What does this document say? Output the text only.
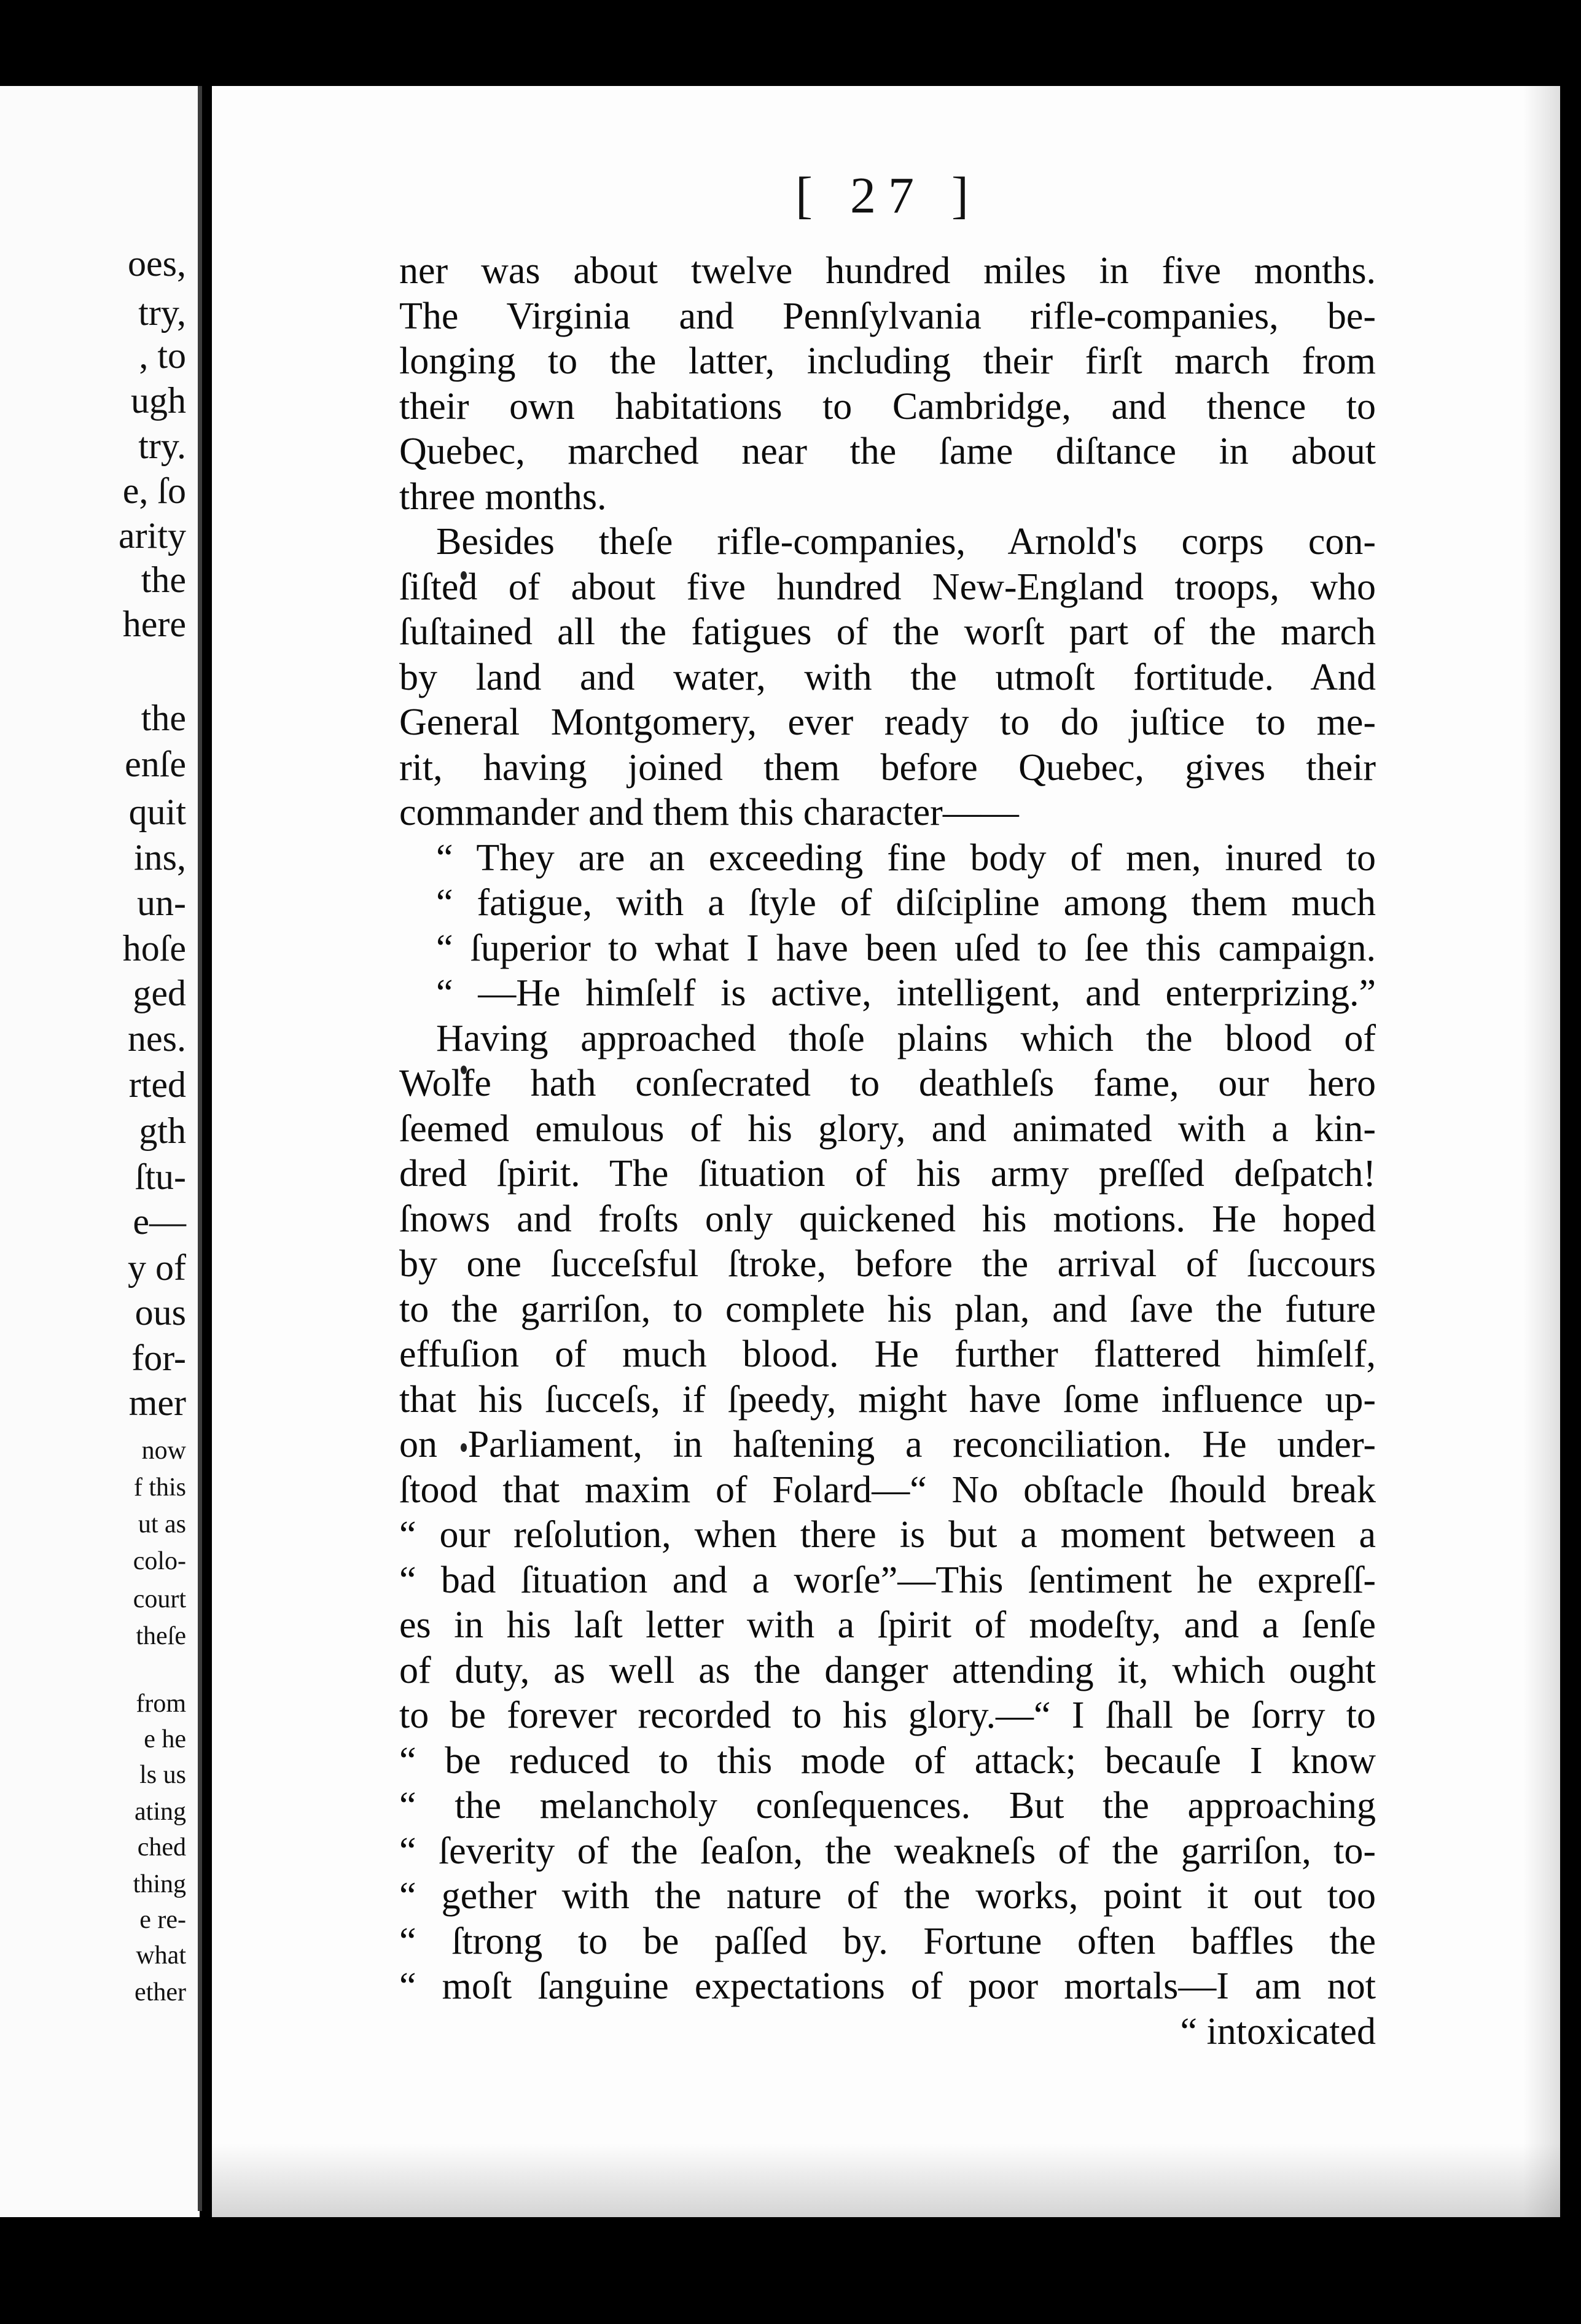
oes,
try,
, to
ugh
try.
e, ſo
arity
the
here
the
enſe
quit
ins,
un-
hoſe
ged
nes.
rted
gth
ſtu-
e—
y of
ous
for-
mer
now
f this
ut as
colo-
court
theſe
from
e he
ls us
ating
ched
thing
e re-
what
ether
[ 27 ]
ner was about twelve hundred miles in five months.
The Virginia and Pennſylvania rifle-companies, be-
longing to the latter, including their firſt march from
their own habitations to Cambridge, and thence to
Quebec, marched near the ſame diſtance in about
three months.
Besides theſe rifle-companies, Arnold's corps con-
ſiſted of about five hundred New-England troops, who
ſuſtained all the fatigues of the worſt part of the march
by land and water, with the utmoſt fortitude. And
General Montgomery, ever ready to do juſtice to me-
rit, having joined them before Quebec, gives their
commander and them this character——
“ They are an exceeding fine body of men, inured to
“ fatigue, with a ſtyle of diſcipline among them much
“ ſuperior to what I have been uſed to ſee this campaign.
“ —He himſelf is active, intelligent, and enterprizing.”
Having approached thoſe plains which the blood of
Wolfe hath conſecrated to deathleſs fame, our hero
ſeemed emulous of his glory, and animated with a kin-
dred ſpirit. The ſituation of his army preſſed deſpatch!
ſnows and froſts only quickened his motions. He hoped
by one ſucceſsful ſtroke, before the arrival of ſuccours
to the garriſon, to complete his plan, and ſave the future
effuſion of much blood. He further flattered himſelf,
that his ſucceſs, if ſpeedy, might have ſome influence up-
on Parliament, in haſtening a reconciliation. He under-
ſtood that maxim of Folard—“ No obſtacle ſhould break
“ our reſolution, when there is but a moment between a
“ bad ſituation and a worſe”—This ſentiment he expreſſ-
es in his laſt letter with a ſpirit of modeſty, and a ſenſe
of duty, as well as the danger attending it, which ought
to be forever recorded to his glory.—“ I ſhall be ſorry to
“ be reduced to this mode of attack; becauſe I know
“ the melancholy conſequences. But the approaching
“ ſeverity of the ſeaſon, the weakneſs of the garriſon, to-
“ gether with the nature of the works, point it out too
“ ſtrong to be paſſed by. Fortune often baffles the
“ moſt ſanguine expectations of poor mortals—I am not
“ intoxicated
